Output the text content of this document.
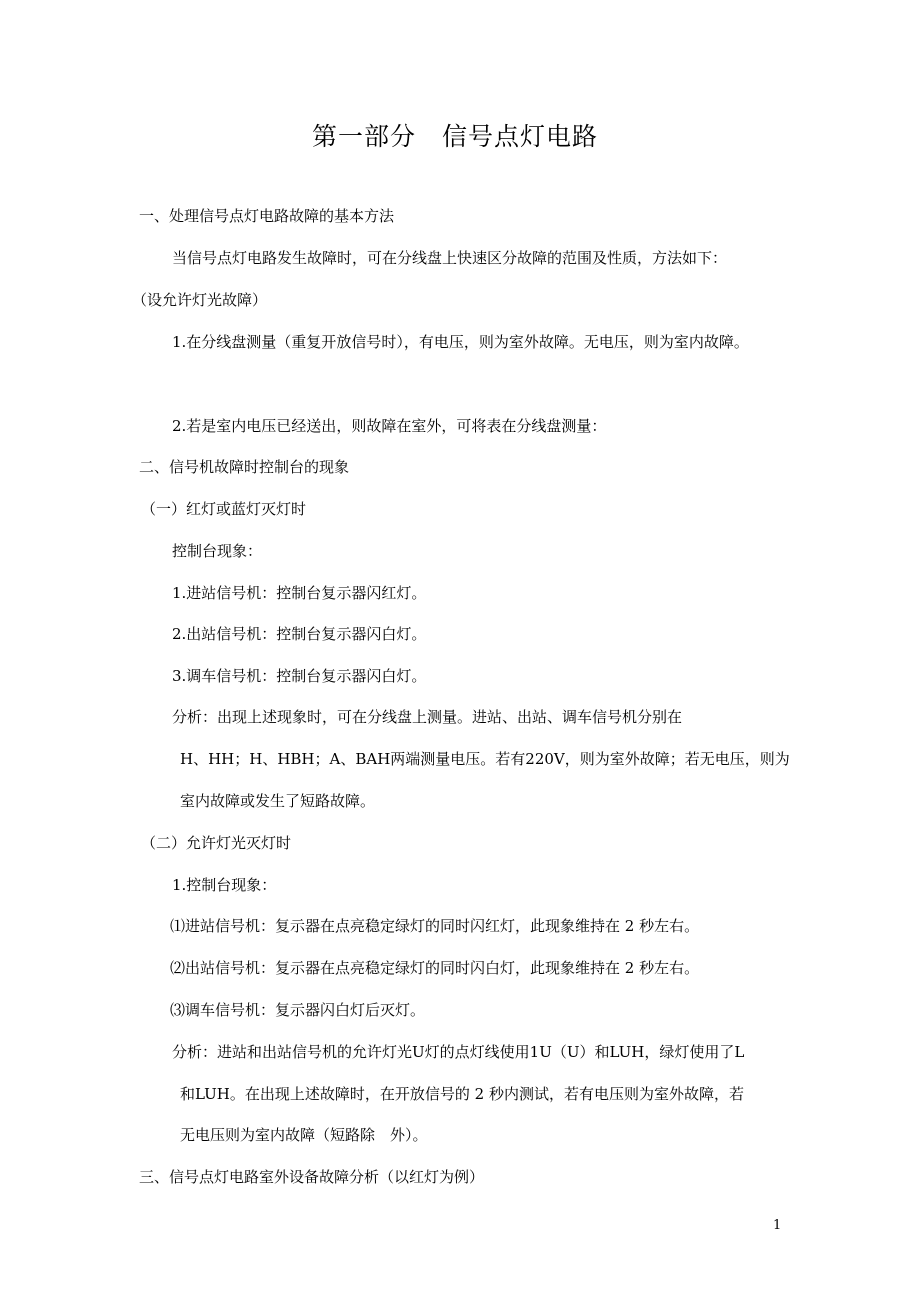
第一部分　信号点灯电路
一、处理信号点灯电路故障的基本方法
当信号点灯电路发生故障时，可在分线盘上快速区分故障的范围及性质，方法如下：
（设允许灯光故障）
1.在分线盘测量（重复开放信号时），有电压，则为室外故障。无电压，则为室内故障。
2.若是室内电压已经送出，则故障在室外，可将表在分线盘测量：
二、信号机故障时控制台的现象
（一）红灯或蓝灯灭灯时
控制台现象：
1.进站信号机：控制台复示器闪红灯。
2.出站信号机：控制台复示器闪白灯。
3.调车信号机：控制台复示器闪白灯。
分析：出现上述现象时，可在分线盘上测量。进站、出站、调车信号机分别在
H、HH；H、HBH；A、BAH两端测量电压。若有220V，则为室外故障；若无电压，则为
室内故障或发生了短路故障。
（二）允许灯光灭灯时
1.控制台现象：
⑴进站信号机：复示器在点亮稳定绿灯的同时闪红灯，此现象维持在 2 秒左右。
⑵出站信号机：复示器在点亮稳定绿灯的同时闪白灯，此现象维持在 2 秒左右。
⑶调车信号机：复示器闪白灯后灭灯。
分析：进站和出站信号机的允许灯光U灯的点灯线使用1U（U）和LUH，绿灯使用了L
和LUH。在出现上述故障时，在开放信号的 2 秒内测试，若有电压则为室外故障，若
无电压则为室内故障（短路除　外）。
三、信号点灯电路室外设备故障分析（以红灯为例）
1
